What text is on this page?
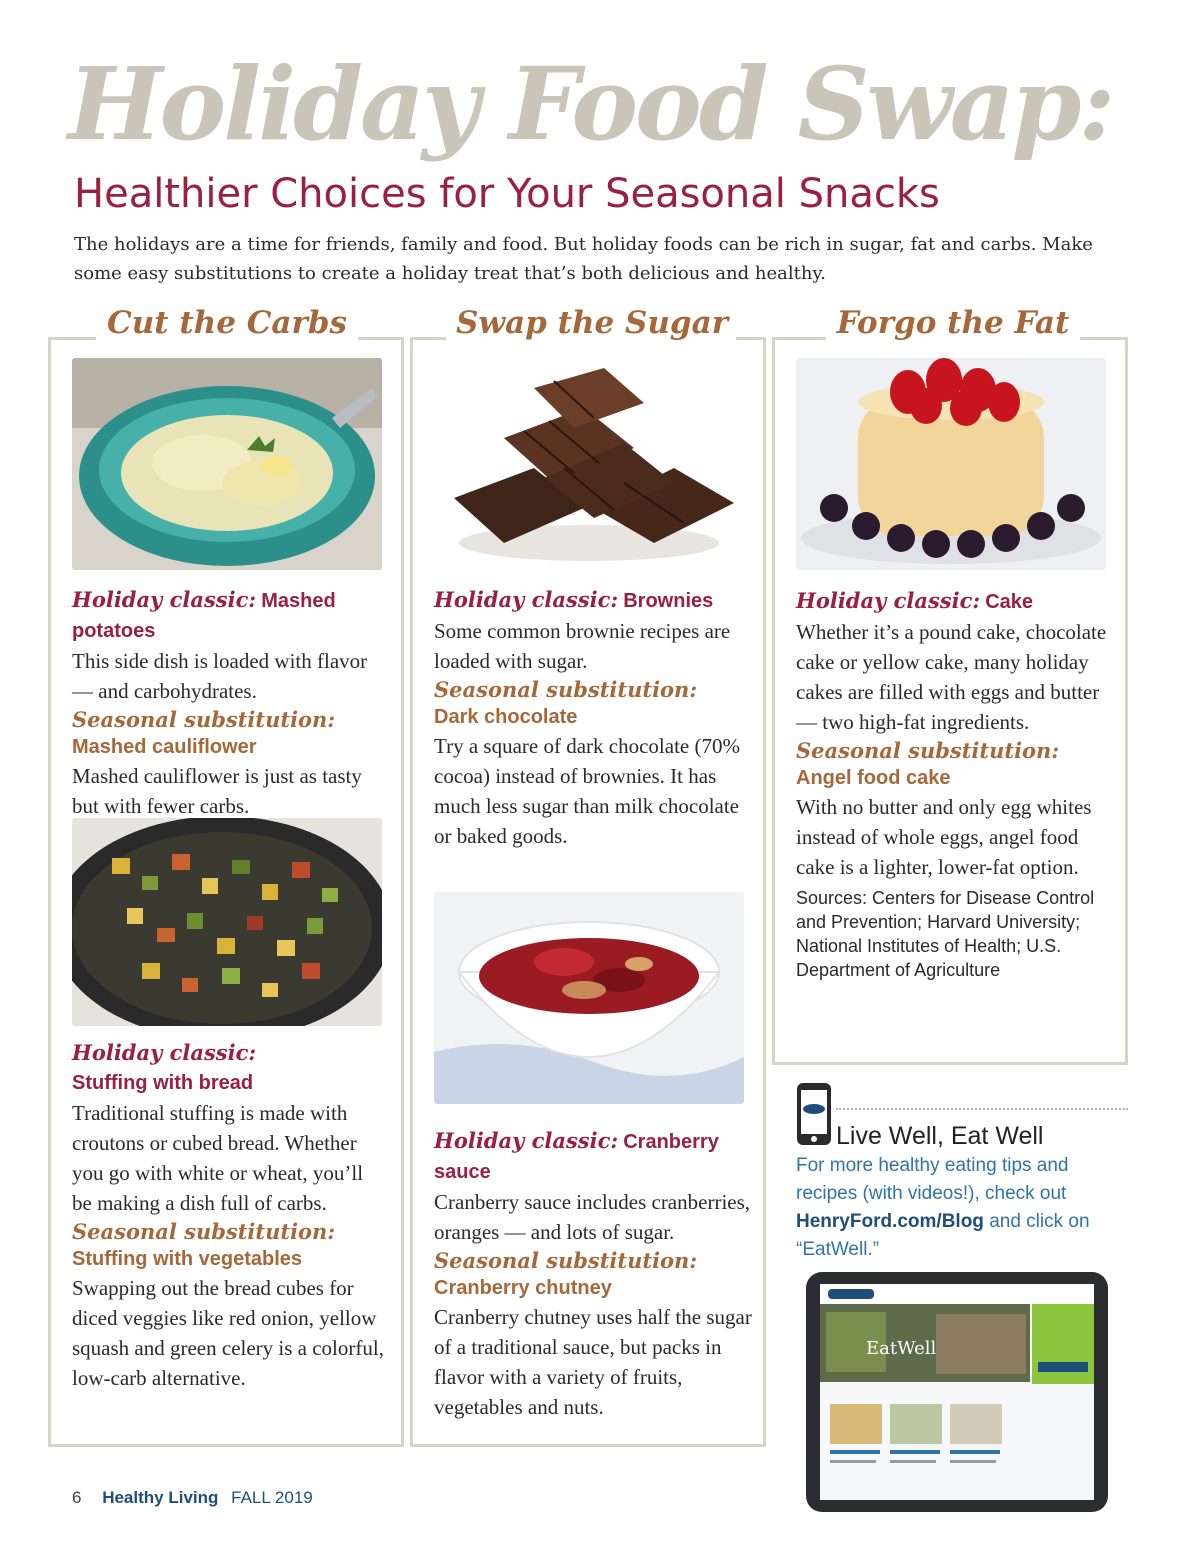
Holiday Food Swap:
Healthier Choices for Your Seasonal Snacks

The holidays are a time for friends, family and food. But holiday foods can be rich in sugar, fat and carbs. Make some easy substitutions to create a holiday treat that’s both delicious and healthy.

Cut the Carbs	Swap the Sugar	Forgo the Fat
Holiday classic: Mashed potatoes

This side dish is loaded with flavor — and carbohydrates.

Seasonal substitution:
Mashed cauliflower

Mashed cauliflower is just as tasty but with fewer carbs.

Holiday classic:
Stuffing with bread

Traditional stuffing is made with croutons or cubed bread. Whether you go with white or wheat, you’ll be making a dish full of carbs.

Seasonal substitution:
Stuffing with vegetables

Swapping out the bread cubes for diced veggies like red onion, yellow squash and green celery is a colorful, low-carb alternative.

Holiday classic: Brownies

Some common brownie recipes are loaded with sugar.

Seasonal substitution:
Dark chocolate

Try a square of dark chocolate (70% cocoa) instead of brownies. It has much less sugar than milk chocolate or baked goods.

Holiday classic: Cranberry sauce

Cranberry sauce includes cranberries, oranges — and lots of sugar.

Seasonal substitution:
Cranberry chutney

Cranberry chutney uses half the sugar of a traditional sauce, but packs in flavor with a variety of fruits, vegetables and nuts.

Holiday classic: Cake

Whether it’s a pound cake, chocolate cake or yellow cake, many holiday cakes are filled with eggs and butter — two high-fat ingredients.

Seasonal substitution:
Angel food cake

With no butter and only egg whites instead of whole eggs, angel food cake is a lighter, lower-fat option.

Sources: Centers for Disease Control and Prevention; Harvard University; National Institutes of Health; U.S. Department of Agriculture

Live Well, Eat Well

For more healthy eating tips and recipes (with videos!), check out HenryFord.com/Blog and click on “EatWell.”

EatWell
6 Healthy Living FALL 2019
